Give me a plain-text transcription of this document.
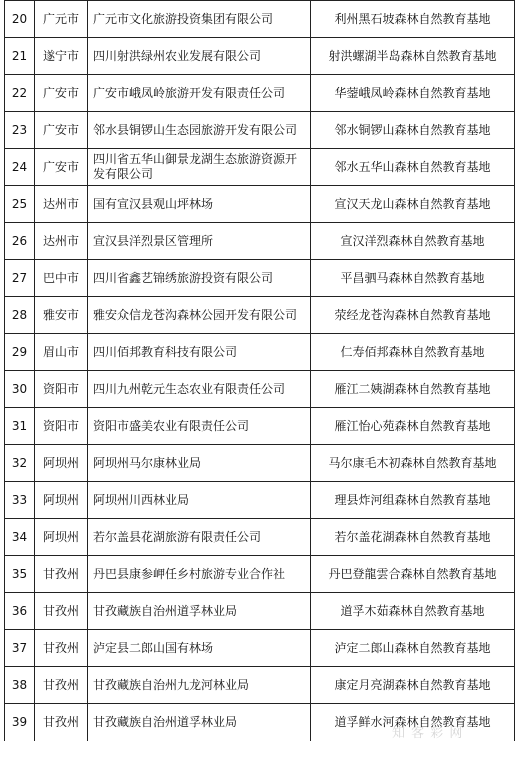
20	广元市	广元市文化旅游投资集团有限公司	利州黑石坡森林自然教育基地
21	遂宁市	四川射洪绿州农业发展有限公司	射洪螺湖半岛森林自然教育基地
22	广安市	广安市峨凤岭旅游开发有限责任公司	华蓥峨凤岭森林自然教育基地
23	广安市	邻水县铜锣山生态园旅游开发有限公司	邻水铜锣山森林自然教育基地
24	广安市	四川省五华山御景龙湖生态旅游资源开发有限公司	邻水五华山森林自然教育基地
25	达州市	国有宣汉县观山坪林场	宣汉天龙山森林自然教育基地
26	达州市	宣汉县洋烈景区管理所	宣汉洋烈森林自然教育基地
27	巴中市	四川省鑫艺锦绣旅游投资有限公司	平昌驷马森林自然教育基地
28	雅安市	雅安众信龙苍沟森林公园开发有限公司	荥经龙苍沟森林自然教育基地
29	眉山市	四川佰邦教育科技有限公司	仁寿佰邦森林自然教育基地
30	资阳市	四川九州乾元生态农业有限责任公司	雁江二姨湖森林自然教育基地
31	资阳市	资阳市盛美农业有限责任公司	雁江怡心苑森林自然教育基地
32	阿坝州	阿坝州马尔康林业局	马尔康毛木初森林自然教育基地
33	阿坝州	阿坝州川西林业局	理县炸河组森林自然教育基地
34	阿坝州	若尔盖县花湖旅游有限责任公司	若尔盖花湖森林自然教育基地
35	甘孜州	丹巴县康参岬任乡村旅游专业合作社	丹巴登龍雲合森林自然教育基地
36	甘孜州	甘孜藏族自治州道孚林业局	道孚木茹森林自然教育基地
37	甘孜州	泸定县二郎山国有林场	泸定二郎山森林自然教育基地
38	甘孜州	甘孜藏族自治州九龙河林业局	康定月亮湖森林自然教育基地
39	甘孜州	甘孜藏族自治州道孚林业局	道孚鲜水河森林自然教育基地
知 客 彩 网
